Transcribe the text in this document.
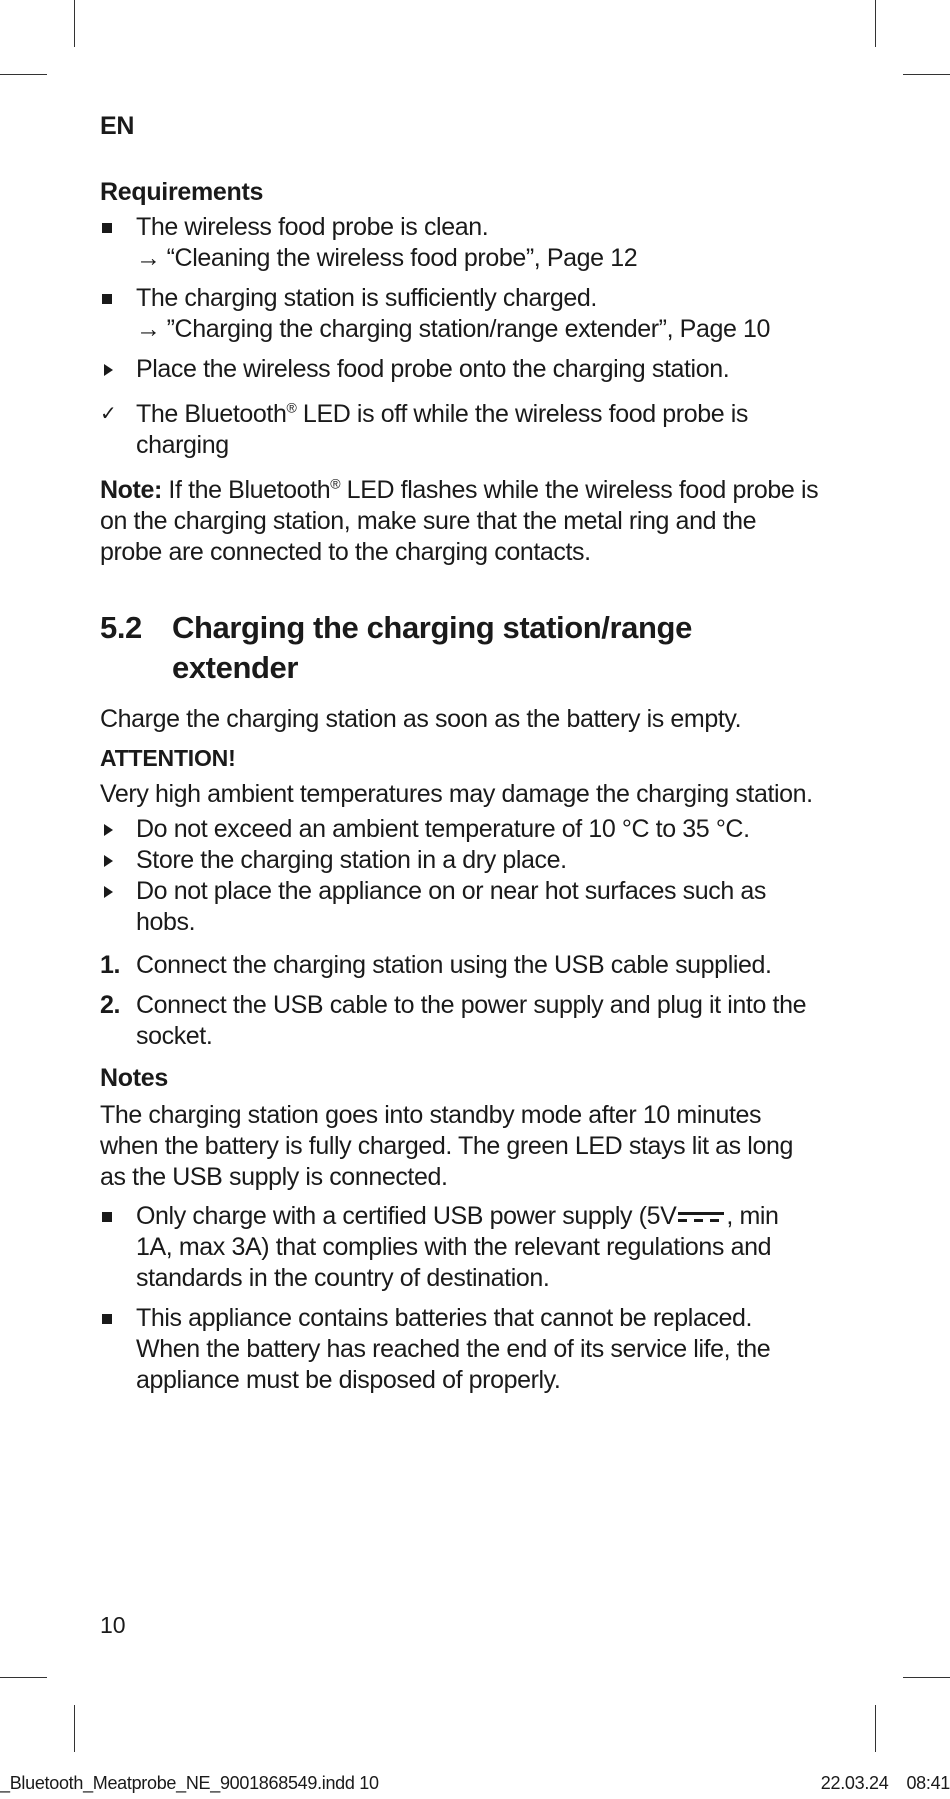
EN
Requirements
The wireless food probe is clean.
→ “Cleaning the wireless food probe”, Page 12
The charging station is sufficiently charged.
→ ”Charging the charging station/range extender”, Page 10
Place the wireless food probe onto the charging station.
✓ The Bluetooth® LED is off while the wireless food probe is charging
Note: If the Bluetooth® LED flashes while the wireless food probe is on the charging station, make sure that the metal ring and the probe are connected to the charging contacts.
5.2 Charging the charging station/range extender
Charge the charging station as soon as the battery is empty.
ATTENTION!
Very high ambient temperatures may damage the charging station.
Do not exceed an ambient temperature of 10 °C to 35 °C.
Store the charging station in a dry place.
Do not place the appliance on or near hot surfaces such as hobs.
1. Connect the charging station using the USB cable supplied.
2. Connect the USB cable to the power supply and plug it into the socket.
Notes
The charging station goes into standby mode after 10 minutes when the battery is fully charged. The green LED stays lit as long as the USB supply is connected.
Only charge with a certified USB power supply (5V , min 1A, max 3A) that complies with the relevant regulations and standards in the country of destination.
This appliance contains batteries that cannot be replaced. When the battery has reached the end of its service life, the appliance must be disposed of properly.
10
_Bluetooth_Meatprobe_NE_9001868549.indd 10	22.03.24 08:41
